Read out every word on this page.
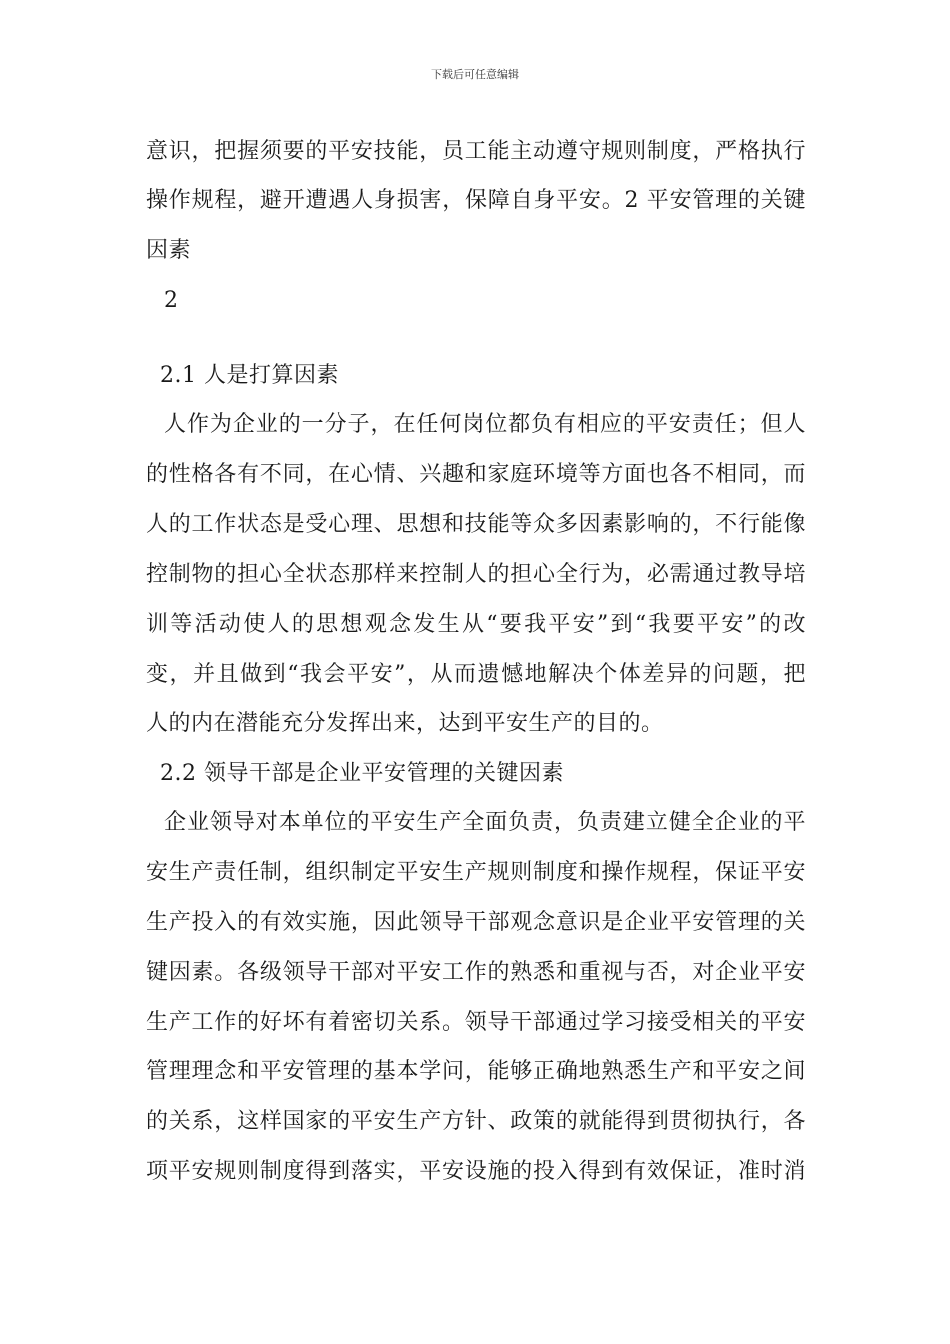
下载后可任意编辑
意识，把握须要的平安技能，员工能主动遵守规则制度，严格执行
操作规程，避开遭遇人身损害，保障自身平安。2 平安管理的关键
因素
2
2.1 人是打算因素
人作为企业的一分子，在任何岗位都负有相应的平安责任；但人
的性格各有不同，在心情、兴趣和家庭环境等方面也各不相同，而
人的工作状态是受心理、思想和技能等众多因素影响的，不行能像
控制物的担心全状态那样来控制人的担心全行为，必需通过教导培
训等活动使人的思想观念发生从“要我平安”到“我要平安”的改
变，并且做到“我会平安”，从而遗憾地解决个体差异的问题，把
人的内在潜能充分发挥出来，达到平安生产的目的。
2.2 领导干部是企业平安管理的关键因素
企业领导对本单位的平安生产全面负责，负责建立健全企业的平
安生产责任制，组织制定平安生产规则制度和操作规程，保证平安
生产投入的有效实施，因此领导干部观念意识是企业平安管理的关
键因素。各级领导干部对平安工作的熟悉和重视与否，对企业平安
生产工作的好坏有着密切关系。领导干部通过学习接受相关的平安
管理理念和平安管理的基本学问，能够正确地熟悉生产和平安之间
的关系，这样国家的平安生产方针、政策的就能得到贯彻执行，各
项平安规则制度得到落实，平安设施的投入得到有效保证，准时消
